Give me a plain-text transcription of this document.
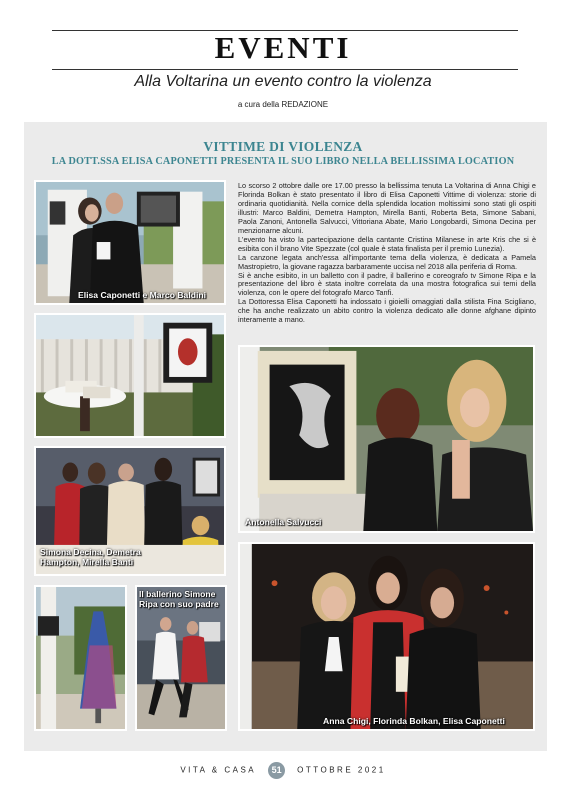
EVENTI
Alla Voltarina un evento contro la violenza
a cura della REDAZIONE
VITTIME DI VIOLENZA
LA DOTT.SSA ELISA CAPONETTI PRESENTA IL SUO LIBRO NELLA BELLISSIMA LOCATION

Lo scorso 2 ottobre dalle ore 17.00 presso la bellissima tenuta La Voltarina di Anna Chigi e Florinda Bolkan è stato presentato il libro di Elisa Caponetti Vittime di violenza: storie di ordinaria quotidianità. Nella cornice della splendida location moltissimi sono stati gli ospiti illustri: Marco Baldini, Demetra Hampton, Mirella Banti, Roberta Beta, Simone Sabani, Paola Zanoni, Antonella Salvucci, Vittoriana Abate, Mario Longobardi, Simona Decina per menzionarne alcuni.

L'evento ha visto la partecipazione della cantante Cristina Milanese in arte Kris che si è esibita con il brano Vite Spezzate (col quale è stata finalista per il premio Lunezia).

La canzone legata anch'essa all'importante tema della violenza, è dedicata a Pamela Mastropietro, la giovane ragazza barbaramente uccisa nel 2018 alla periferia di Roma.

Si è anche esibito, in un balletto con il padre, il ballerino e coreografo tv Simone Ripa e la presentazione del libro è stata inoltre correlata da una mostra fotografica sui temi della violenza, con le opere del fotografo Marco Tanfi.

La Dottoressa Elisa Caponetti ha indossato i gioielli omaggiati dalla stilista Fina Scigliano, che ha anche realizzato un abito contro la violenza dedicato alle donne afghane dipinto interamente a mano.

Elisa Caponetti e Marco Baldini
Simona Decina, Demetra Hampton, Mirella Banti
Antonella Salvucci
Il ballerino Simone Ripa con suo padre
Anna Chigi, Florinda Bolkan, Elisa Caponetti
VITA & CASA 51 OTTOBRE 2021
